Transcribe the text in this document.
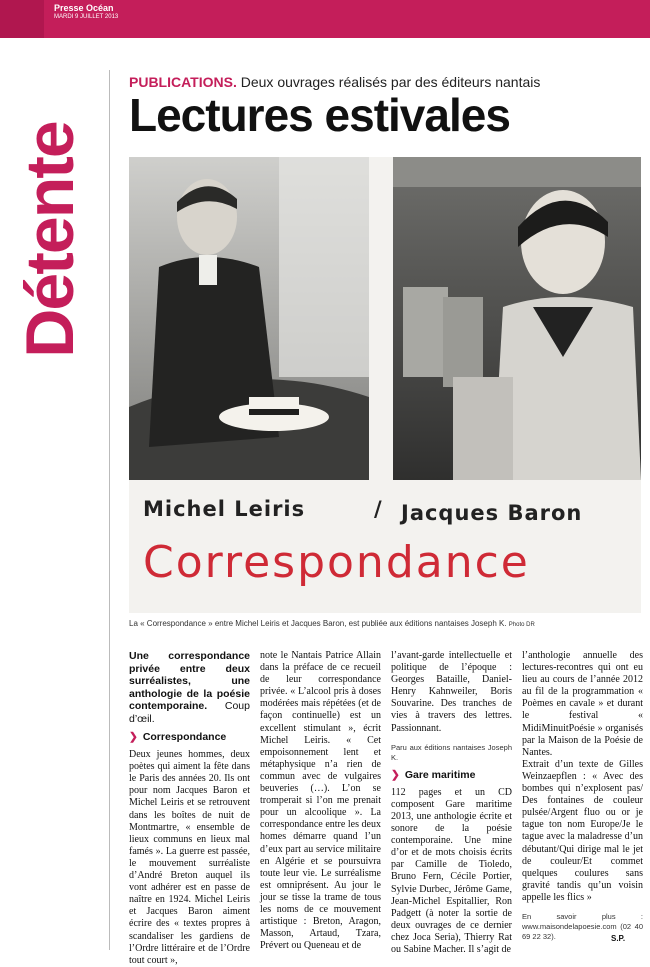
Presse Océan
MARDI 9 JUILLET 2013
Détente
PUBLICATIONS. Deux ouvrages réalisés par des éditeurs nantais
Lectures estivales
Michel Leiris	/ Jacques Baron
Correspondance
La « Correspondance » entre Michel Leiris et Jacques Baron, est publiée aux éditions nantaises Joseph K. Photo DR

Une correspondance privée entre deux surréalistes, une anthologie de la poésie contemporaine. Coup d’œil.

❯ Correspondance

Deux jeunes hommes, deux poètes qui aiment la fête dans le Paris des années 20. Ils ont pour nom Jacques Baron et Michel Leiris et se retrouvent dans les boîtes de nuit de Montmartre, « ensemble de lieux communs en lieux mal famés ». La guerre est passée, le mouvement surréaliste d’André Breton auquel ils vont adhérer est en passe de naître en 1924. Michel Leiris et Jacques Baron aiment écrire des « textes propres à scandaliser les gardiens de l’Ordre littéraire et de l’Ordre tout court »,

note le Nantais Patrice Allain dans la préface de ce recueil de leur correspondance privée. « L’alcool pris à doses modérées mais répétées (et de façon continuelle) est un excellent stimulant », écrit Michel Leiris. « Cet empoisonnement lent et métaphysique n’a rien de commun avec de vulgaires beuveries (…). L’on se tromperait si l’on me prenait pour un alcoolique ». La correspondance entre les deux homes démarre quand l’un d’eux part au service militaire en Algérie et se poursuivra toute leur vie. Le surréalisme est omniprésent. Au jour le jour se tisse la trame de tous les noms de ce mouvement artistique : Breton, Aragon, Masson, Artaud, Tzara, Prévert ou Queneau et de

l’avant-garde intellectuelle et politique de l’époque : Georges Bataille, Daniel-Henry Kahnweiler, Boris Souvarine. Des tranches de vies à travers des lettres. Passionnant.

Paru aux éditions nantaises Joseph K.

❯ Gare maritime

112 pages et un CD composent Gare maritime 2013, une anthologie écrite et sonore de la poésie contemporaine. Une mine d’or et de mots choisis écrits par Camille de Tioledo, Bruno Fern, Cécile Portier, Sylvie Durbec, Jérôme Game, Jean-Michel Espitallier, Ron Padgett (à noter la sortie de deux ouvrages de ce dernier chez Joca Seria), Thierry Rat ou Sabine Macher. Il s’agit de

l’anthologie annuelle des lectures-recontres qui ont eu lieu au cours de l’année 2012 au fil de la programmation « Poèmes en cavale » et durant le festival « MidiMinuitPoésie » organisés par la Maison de la Poésie de Nantes.

Extrait d’un texte de Gilles Weinzaepflen : « Avec des bombes qui n’explosent pas/ Des fontaines de couleur pulsée/Argent fluo ou or je tague ton nom Europe/Je le tague avec la maladresse d’un débutant/Qui dirige mal le jet de couleur/Et commet quelques coulures sans gravité tandis qu’un voisin appelle les flics »

En savoir plus : www.maisondelapoesie.com (02 40 69 22 32).	S.P.
